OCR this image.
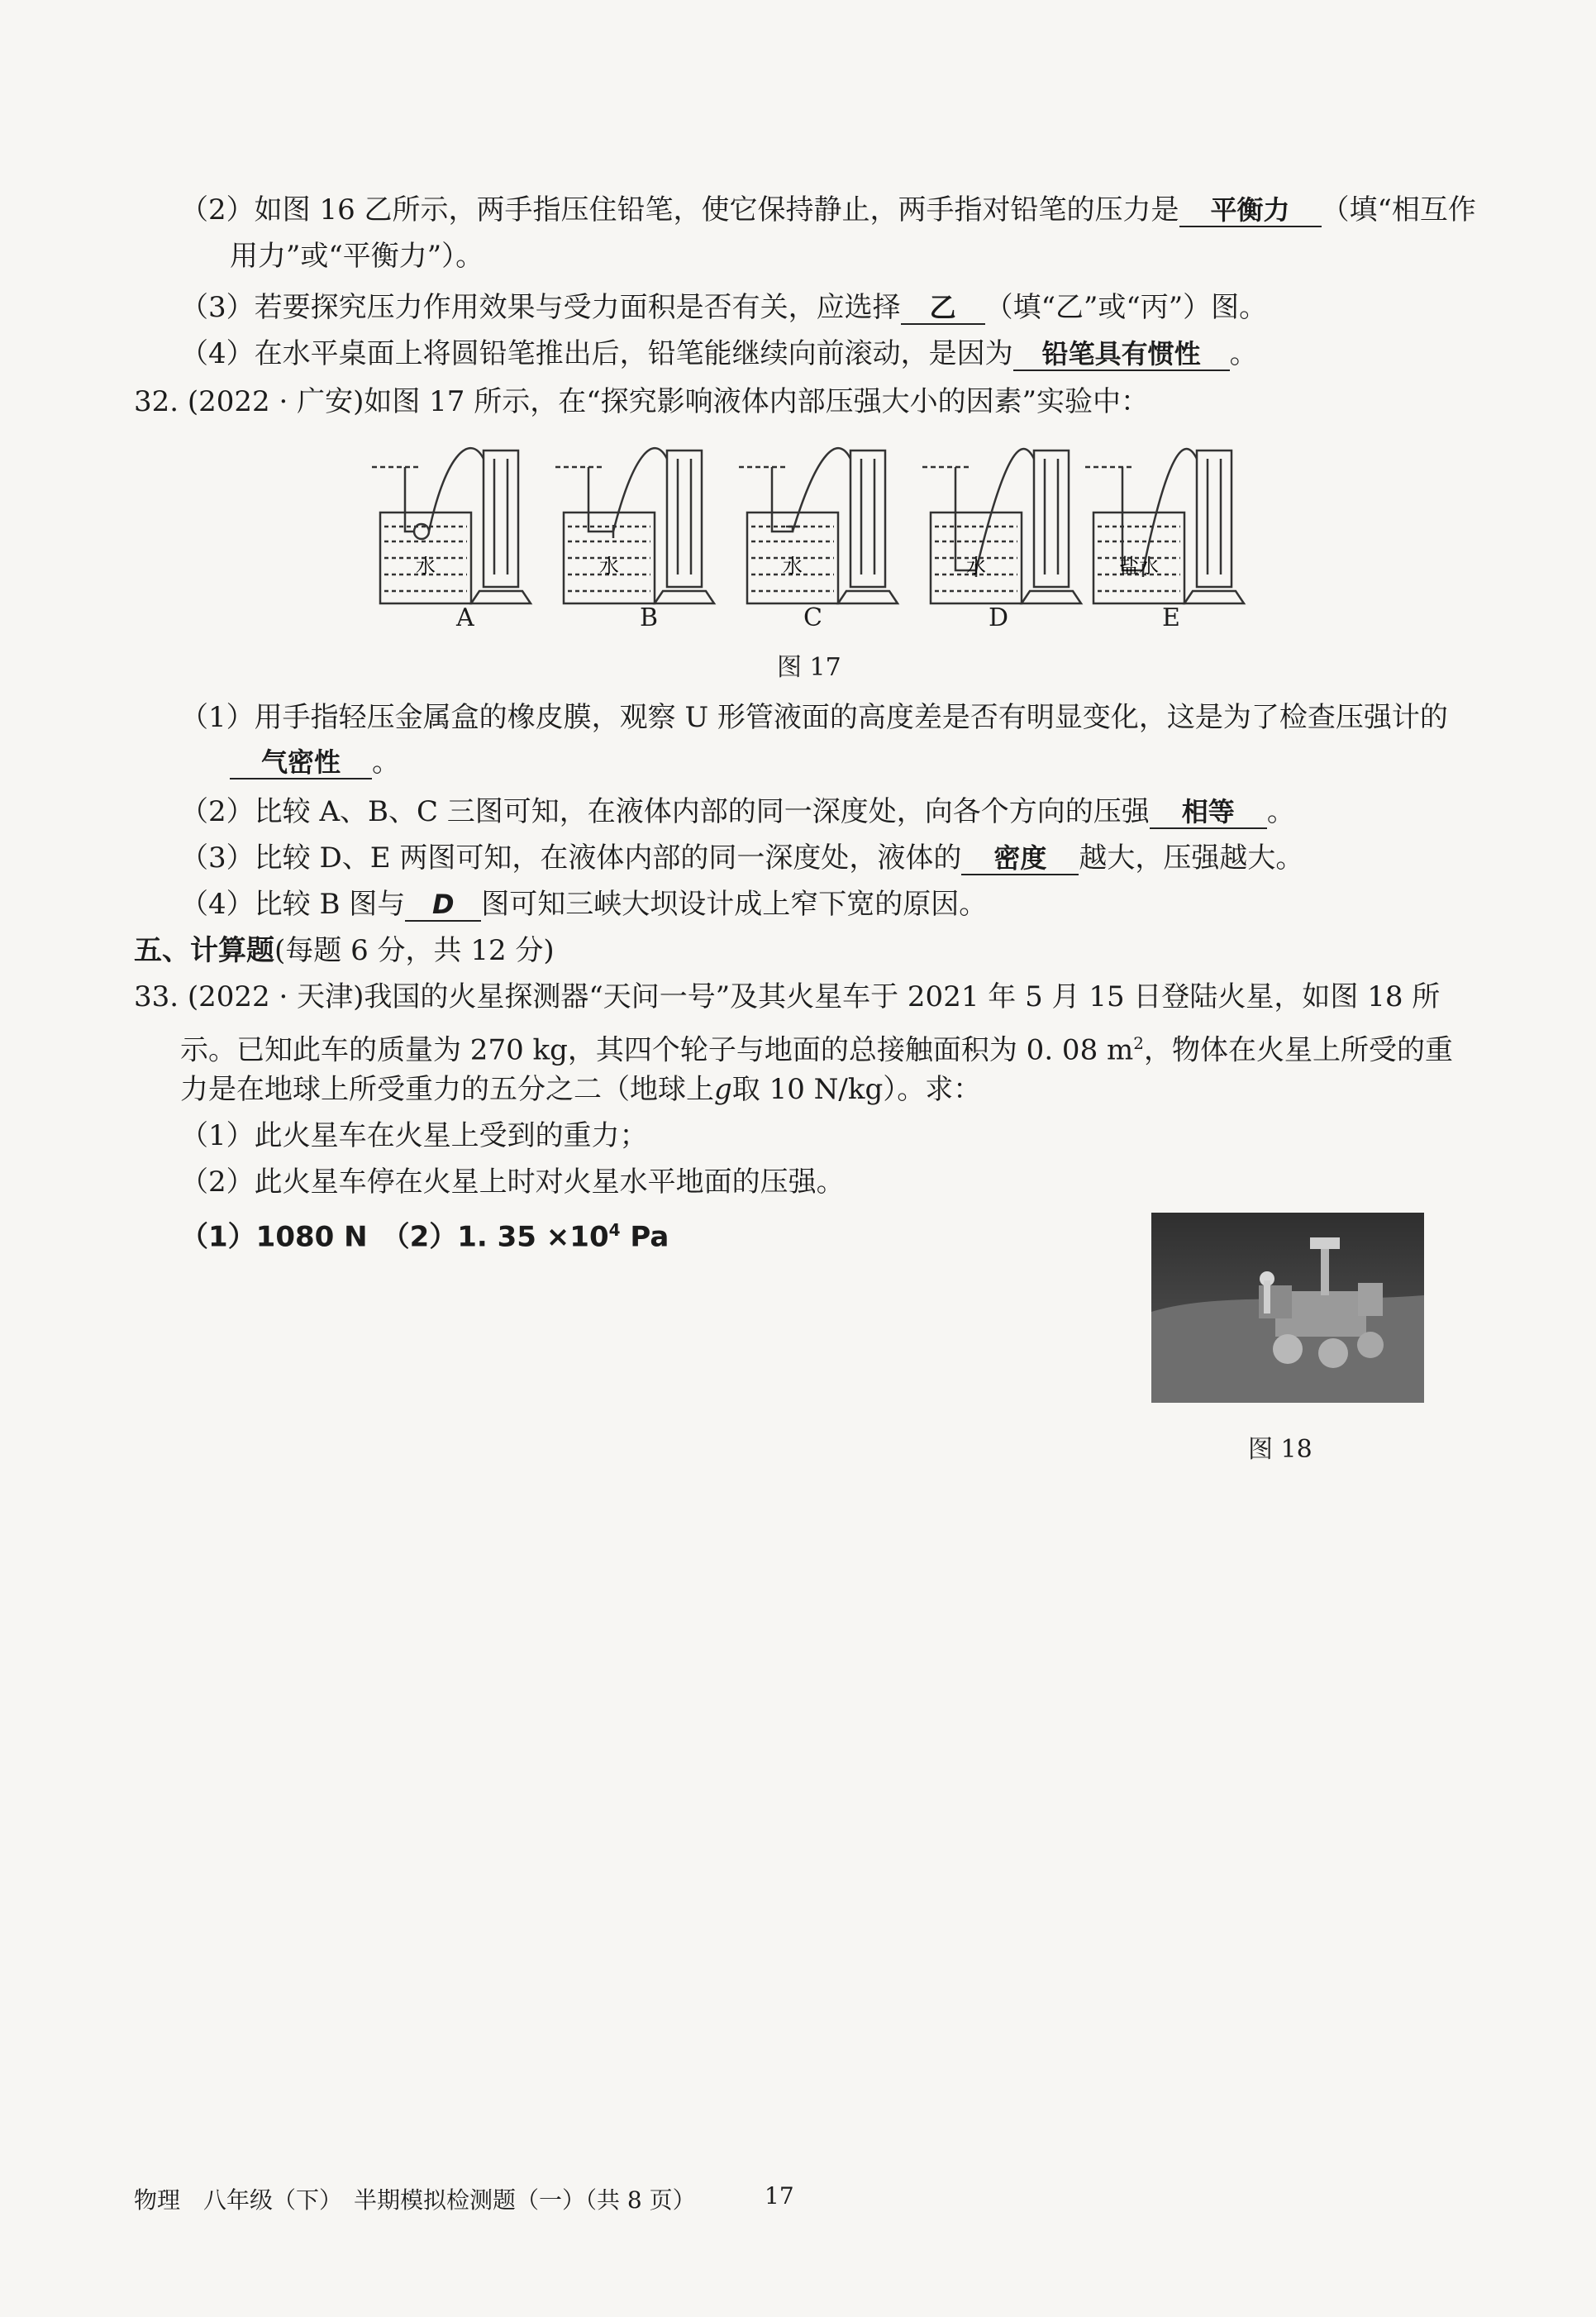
（2）如图 16 乙所示，两手指压住铅笔，使它保持静止，两手指对铅笔的压力是 平衡力 （填“相互作
用力”或“平衡力”）。
（3）若要探究压力作用效果与受力面积是否有关，应选择 乙 （填“乙”或“丙”）图。
（4）在水平桌面上将圆铅笔推出后，铅笔能继续向前滚动，是因为 铅笔具有惯性 。
32. (2022 · 广安)如图 17 所示，在“探究影响液体内部压强大小的因素”实验中：
水	水	水	水	盐水
A	B	C	D	E
图 17
（1）用手指轻压金属盒的橡皮膜，观察 U 形管液面的高度差是否有明显变化，这是为了检查压强计的
气密性 。
（2）比较 A、B、C 三图可知，在液体内部的同一深度处，向各个方向的压强 相等 。
（3）比较 D、E 两图可知，在液体内部的同一深度处，液体的 密度 越大，压强越大。
（4）比较 B 图与 D 图可知三峡大坝设计成上窄下宽的原因。
五、计算题(每题 6 分，共 12 分)
33. (2022 · 天津)我国的火星探测器“天问一号”及其火星车于 2021 年 5 月 15 日登陆火星，如图 18 所
示。已知此车的质量为 270 kg，其四个轮子与地面的总接触面积为 0. 08 $m^2$，物体在火星上所受的重
力是在地球上所受重力的五分之二（地球上g取 10 N/kg）。求：
（1）此火星车在火星上受到的重力；
（2）此火星车停在火星上时对火星水平地面的压强。
（1）1080 N　（2）1. $35 \times 10^4$ Pa
图 18
物理　八年级（下）　半期模拟检测题（一）（共 8 页）	17
